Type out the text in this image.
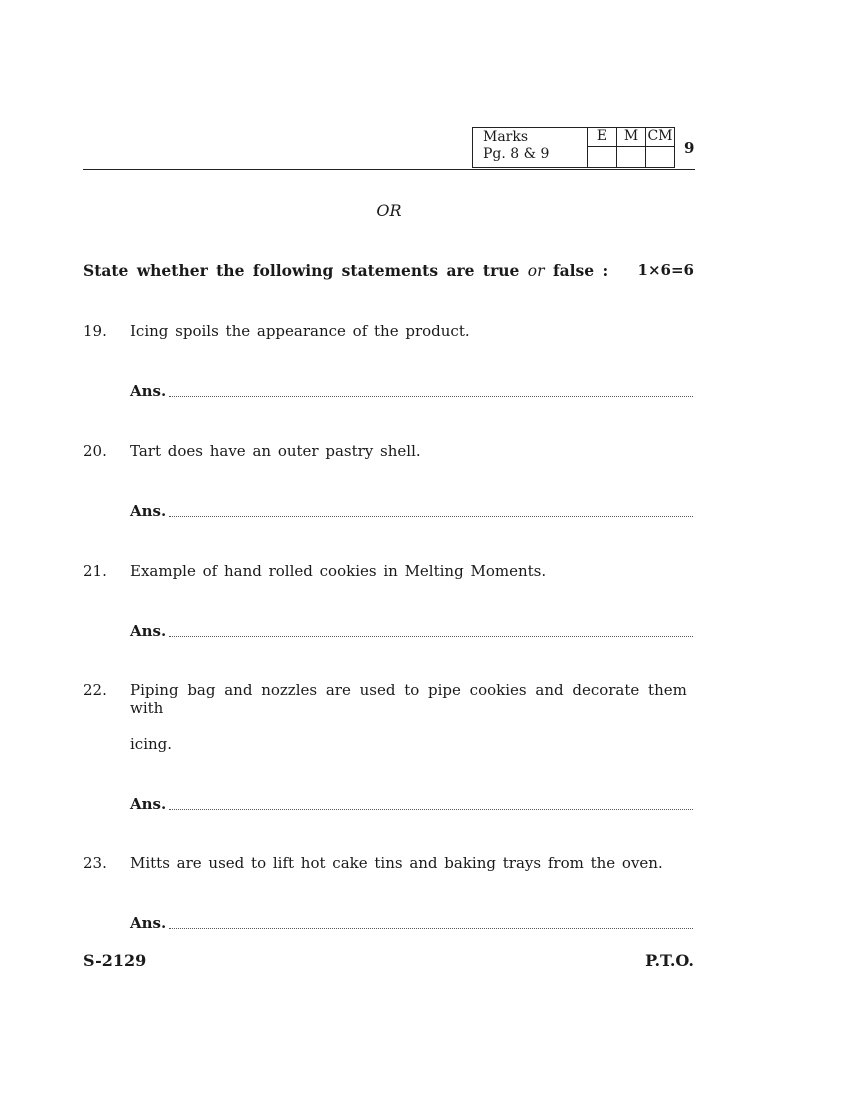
Marks
Pg. 8 & 9	E	M	CM

9
OR
State whether the following statements are true or false :	1×6=6
19. Icing spoils the appearance of the product.
Ans.
20. Tart does have an outer pastry shell.
Ans.
21. Example of hand rolled cookies in Melting Moments.
Ans.
22. Piping bag and nozzles are used to pipe cookies and decorate them with
icing.
Ans.
23. Mitts are used to lift hot cake tins and baking trays from the oven.
Ans.
S-2129	P.T.O.
